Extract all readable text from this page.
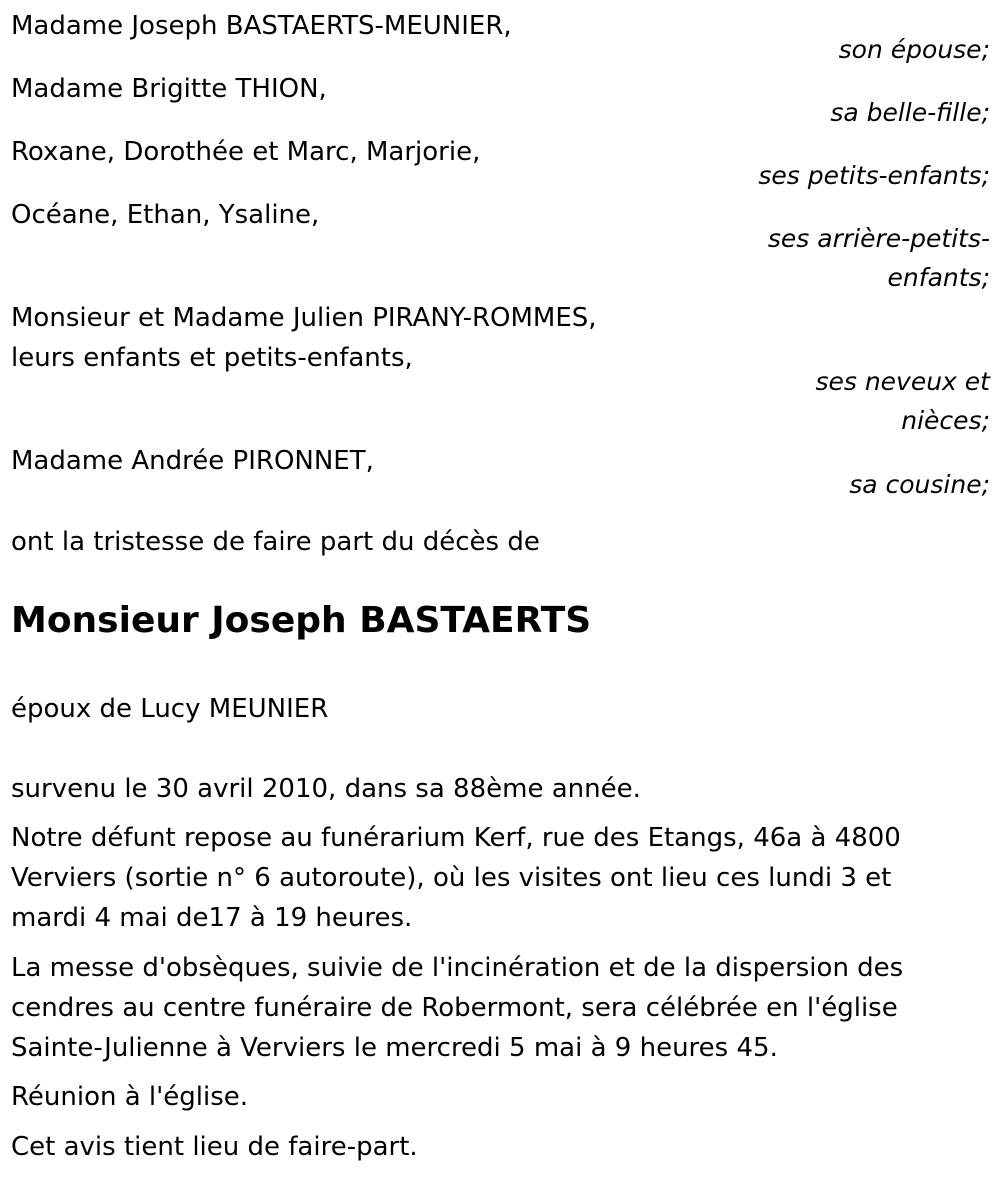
Madame Joseph BASTAERTS-MEUNIER,
son épouse;
Madame Brigitte THION,
sa belle-fille;
Roxane, Dorothée et Marc, Marjorie,
ses petits-enfants;
Océane, Ethan, Ysaline,
ses arrière-petits-enfants;
Monsieur et Madame Julien PIRANY-ROMMES,
leurs enfants et petits-enfants,
ses neveux et nièces;
Madame Andrée PIRONNET,
sa cousine;
ont la tristesse de faire part du décès de
Monsieur Joseph BASTAERTS
époux de Lucy MEUNIER
survenu le 30 avril 2010, dans sa 88ème année.
Notre défunt repose au funérarium Kerf, rue des Etangs, 46a à 4800 Verviers (sortie n° 6 autoroute), où les visites ont lieu ces lundi 3 et mardi 4 mai de17 à 19 heures.
La messe d'obsèques, suivie de l'incinération et de la dispersion des cendres au centre funéraire de Robermont, sera célébrée en l'église Sainte-Julienne à Verviers le mercredi 5 mai à 9 heures 45.
Réunion à l'église.
Cet avis tient lieu de faire-part.
